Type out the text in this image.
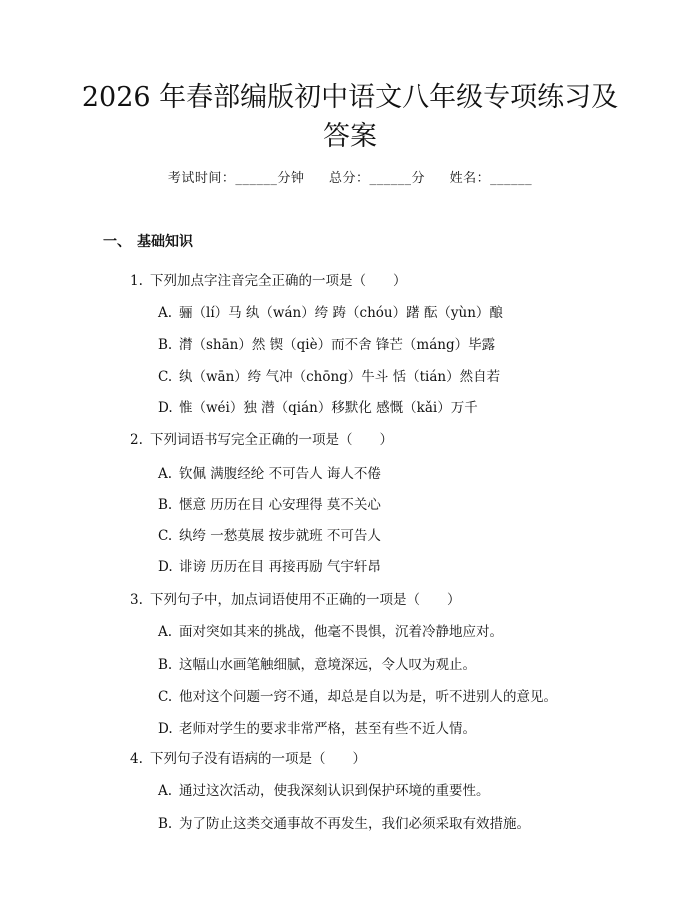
2026 年春部编版初中语文八年级专项练习及
答案
考试时间：______分钟 总分：______分 姓名：______
一、 基础知识
1. 下列加点字注音完全正确的一项是（　　）
A. 骊（lí）马 纨（wán）绔 踌（chóu）躇 酝（yùn）酿
B. 潸（shān）然 锲（qiè）而不舍 锋芒（máng）毕露
C. 纨（wān）绔 气冲（chōng）牛斗 恬（tián）然自若
D. 惟（wéi）独 潜（qián）移默化 感慨（kǎi）万千
2. 下列词语书写完全正确的一项是（　　）
A. 钦佩 满腹经纶 不可告人 诲人不倦
B. 惬意 历历在目 心安理得 莫不关心
C. 纨绔 一愁莫展 按步就班 不可告人
D. 诽谤 历历在目 再接再励 气宇轩昂
3. 下列句子中，加点词语使用不正确的一项是（　　）
A. 面对突如其来的挑战，他毫不畏惧，沉着冷静地应对。
B. 这幅山水画笔触细腻，意境深远，令人叹为观止。
C. 他对这个问题一窍不通，却总是自以为是，听不进别人的意见。
D. 老师对学生的要求非常严格，甚至有些不近人情。
4. 下列句子没有语病的一项是（　　）
A. 通过这次活动，使我深刻认识到保护环境的重要性。
B. 为了防止这类交通事故不再发生，我们必须采取有效措施。
